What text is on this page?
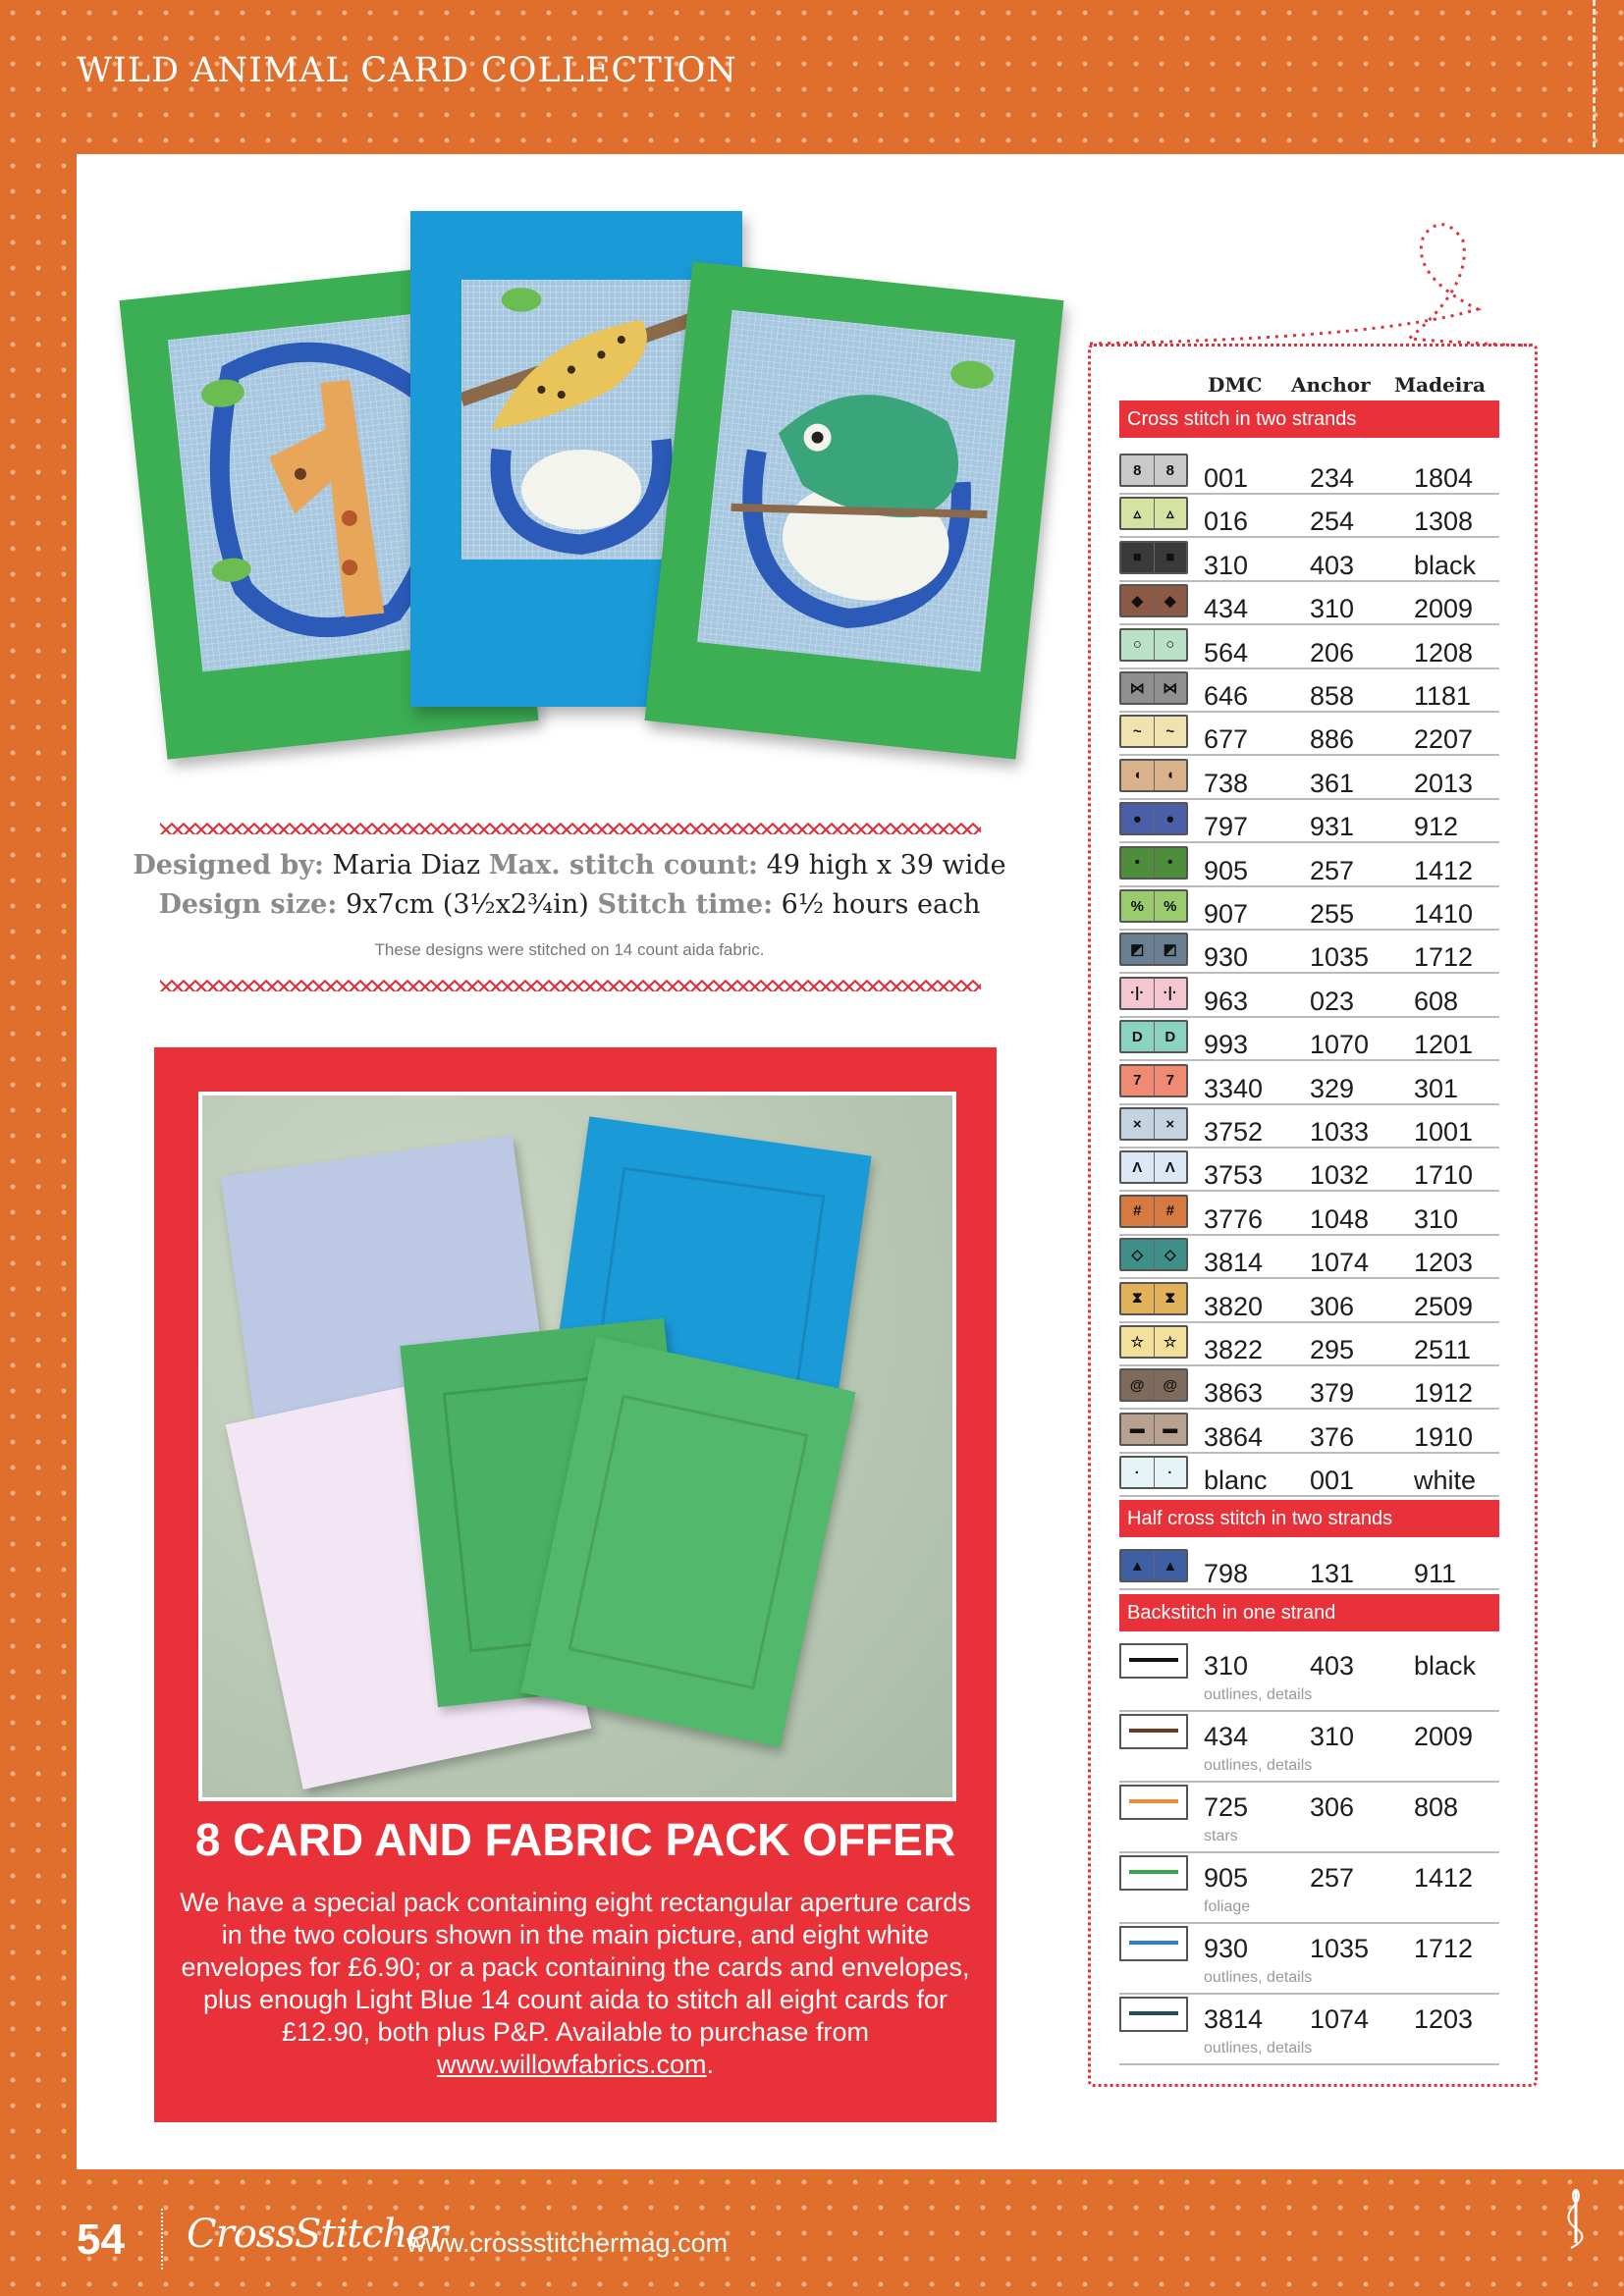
WILD ANIMAL CARD COLLECTION
Designed by: Maria Diaz Max. stitch count: 49 high x 39 wide
Design size: 9x7cm (3½x2¾in) Stitch time: 6½ hours each
These designs were stitched on 14 count aida fabric.
8 CARD AND FABRIC PACK OFFER
We have a special pack containing eight rectangular aperture cards in the two colours shown in the main picture, and eight white envelopes for £6.90; or a pack containing the cards and envelopes, plus enough Light Blue 14 count aida to stitch all eight cards for £12.90, both plus P&P. Available to purchase from www.willowfabrics.com.
DMC Anchor Madeira
Cross stitch in two strands
8	8	001 234 1804
▵	▵	016 254 1308
■	■	310 403 black
◆	◆	434 310 2009
○	○	564 206 1208
⋈	⋈ 646 858 1181
~	~	677 886 2207
◖	◖	738 361 2013
●	●	797 931 912
•	•	905 257 1412
%	%	907 255 1410
◩	◩	930 1035 1712
·|·	·|·	963 023 608
D	D	993 1070 1201
7	7	3340 329 301
×	×	3752 1033 1001
Λ	Λ	3753 1032 1710
#	#	3776 1048 310
◇	◇	3814 1074 1203
⧗	⧗	3820 306 2509
☆	☆	3822 295 2511
@	@ 3863 379 1912
▬	▬ 3864 376 1910
·	·	blanc 001 white
Half cross stitch in two strands
▲	▲ 798 131 911
Backstitch in one strand
310 403 black
outlines, details
434 310 2009
outlines, details
725 306 808
stars
905 257 1412
foliage
930 1035 1712
outlines, details
3814 1074 1203
outlines, details
54 CrossStitcher
www.crossstitchermag.com
